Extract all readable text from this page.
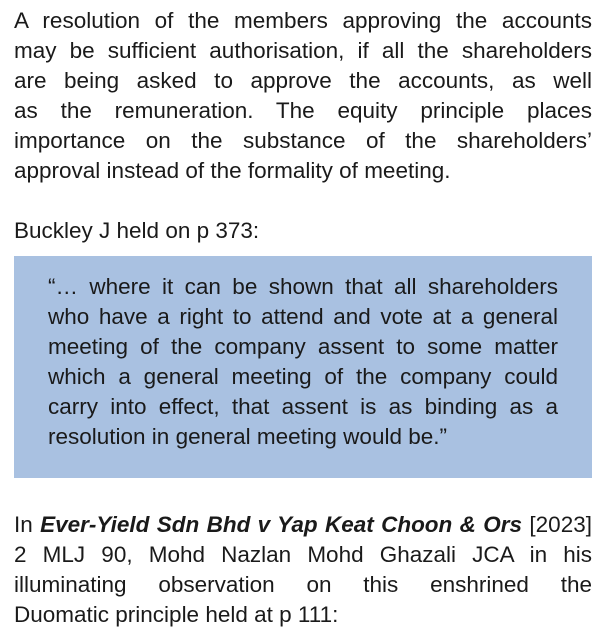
A resolution of the members approving the accounts
may be sufficient authorisation, if all the shareholders
are being asked to approve the accounts, as well
as the remuneration. The equity principle places
importance on the substance of the shareholders’
approval instead of the formality of meeting.
Buckley J held on p 373:
“… where it can be shown that all shareholders
who have a right to attend and vote at a general
meeting of the company assent to some matter
which a general meeting of the company could
carry into effect, that assent is as binding as a
resolution in general meeting would be.”
In Ever-Yield Sdn Bhd v Yap Keat Choon & Ors [2023]
2 MLJ 90, Mohd Nazlan Mohd Ghazali JCA in his
illuminating observation on this enshrined the
Duomatic principle held at p 111:
